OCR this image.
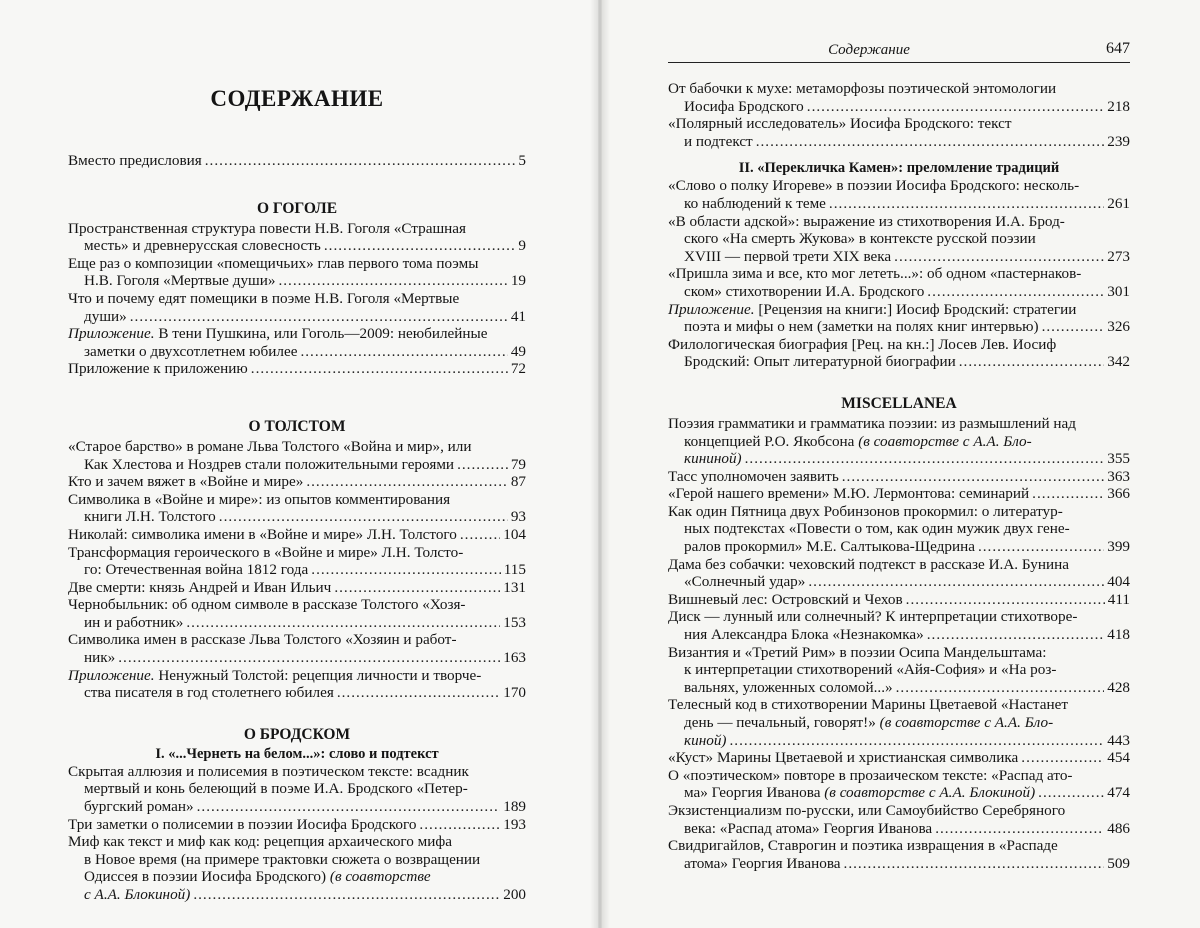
СОДЕРЖАНИЕ
Вместо предисловия .....	5
О ГОГОЛЕ
Пространственная структура повести Н.В. Гоголя «Страшная
месть» и древнерусская словесность .....	9
Еще раз о композиции «помещичьих» глав первого тома поэмы
Н.В. Гоголя «Мертвые души» .....	19
Что и почему едят помещики в поэме Н.В. Гоголя «Мертвые
души» .....	41
Приложение. В тени Пушкина, или Гоголь—2009: неюбилейные
заметки о двухсотлетнем юбилее .....	49
Приложение к приложению .....	72
О ТОЛСТОМ
«Старое барство» в романе Льва Толстого «Война и мир», или
Как Хлестова и Ноздрев стали положительными героями .....	79
Кто и зачем вяжет в «Войне и мире» .....	87
Символика в «Войне и мире»: из опытов комментирования
книги Л.Н. Толстого .....	93
Николай: символика имени в «Войне и мире» Л.Н. Толстого .....	104
Трансформация героического в «Войне и мире» Л.Н. Толсто-
го: Отечественная война 1812 года .....	115
Две смерти: князь Андрей и Иван Ильич .....	131
Чернобыльник: об одном символе в рассказе Толстого «Хозя-
ин и работник» .....	153
Символика имен в рассказе Льва Толстого «Хозяин и работ-
ник» .....	163
Приложение. Ненужный Толстой: рецепция личности и творче-
ства писателя в год столетнего юбилея .....	170
О БРОДСКОМ
I. «...Чернеть на белом...»: слово и подтекст
Скрытая аллюзия и полисемия в поэтическом тексте: всадник
мертвый и конь белеющий в поэме И.А. Бродского «Петер-
бургский роман» .....	189
Три заметки о полисемии в поэзии Иосифа Бродского .....	193
Миф как текст и миф как код: рецепция архаического мифа
в Новое время (на примере трактовки сюжета о возвращении
Одиссея в поэзии Иосифа Бродского) (в соавторстве
с А.А. Блокиной) .....	200
Содержание	647
От бабочки к мухе: метаморфозы поэтической энтомологии
Иосифа Бродского .....	218
«Полярный исследователь» Иосифа Бродского: текст
и подтекст .....	239
II. «Перекличка Камен»: преломление традиций
«Слово о полку Игореве» в поэзии Иосифа Бродского: несколь-
ко наблюдений к теме .....	261
«В области адской»: выражение из стихотворения И.А. Брод-
ского «На смерть Жукова» в контексте русской поэзии
XVIII — первой трети XIX века .....	273
«Пришла зима и все, кто мог лететь...»: об одном «пастернаков-
ском» стихотворении И.А. Бродского .....	301
Приложение. [Рецензия на книги:] Иосиф Бродский: стратегии
поэта и мифы о нем (заметки на полях книг интервью) .....	326
Филологическая биография [Рец. на кн.:] Лосев Лев. Иосиф
Бродский: Опыт литературной биографии .....	342
MISCELLANEA
Поэзия грамматики и грамматика поэзии: из размышлений над
концепцией Р.О. Якобсона (в соавторстве с А.А. Бло-
кининой) .....	355
Тасс уполномочен заявить .....	363
«Герой нашего времени» М.Ю. Лермонтова: семинарий .....	366
Как один Пятница двух Робинзонов прокормил: о литератур-
ных подтекстах «Повести о том, как один мужик двух гене-
ралов прокормил» М.Е. Салтыкова-Щедрина .....	399
Дама без собачки: чеховский подтекст в рассказе И.А. Бунина
«Солнечный удар» .....	404
Вишневый лес: Островский и Чехов .....	411
Диск — лунный или солнечный? К интерпретации стихотворе-
ния Александра Блока «Незнакомка» .....	418
Византия и «Третий Рим» в поэзии Осипа Мандельштама:
к интерпретации стихотворений «Айя-София» и «На роз-
вальнях, уложенных соломой...» .....	428
Телесный код в стихотворении Марины Цветаевой «Настанет
день — печальный, говорят!» (в соавторстве с А.А. Бло-
киной) .....	443
«Куст» Марины Цветаевой и христианская символика .....	454
О «поэтическом» повторе в прозаическом тексте: «Распад ато-
ма» Георгия Иванова (в соавторстве с А.А. Блокиной) .....	474
Экзистенциализм по-русски, или Самоубийство Серебряного
века: «Распад атома» Георгия Иванова .....	486
Свидригайлов, Ставрогин и поэтика извращения в «Распаде
атома» Георгия Иванова .....	509
